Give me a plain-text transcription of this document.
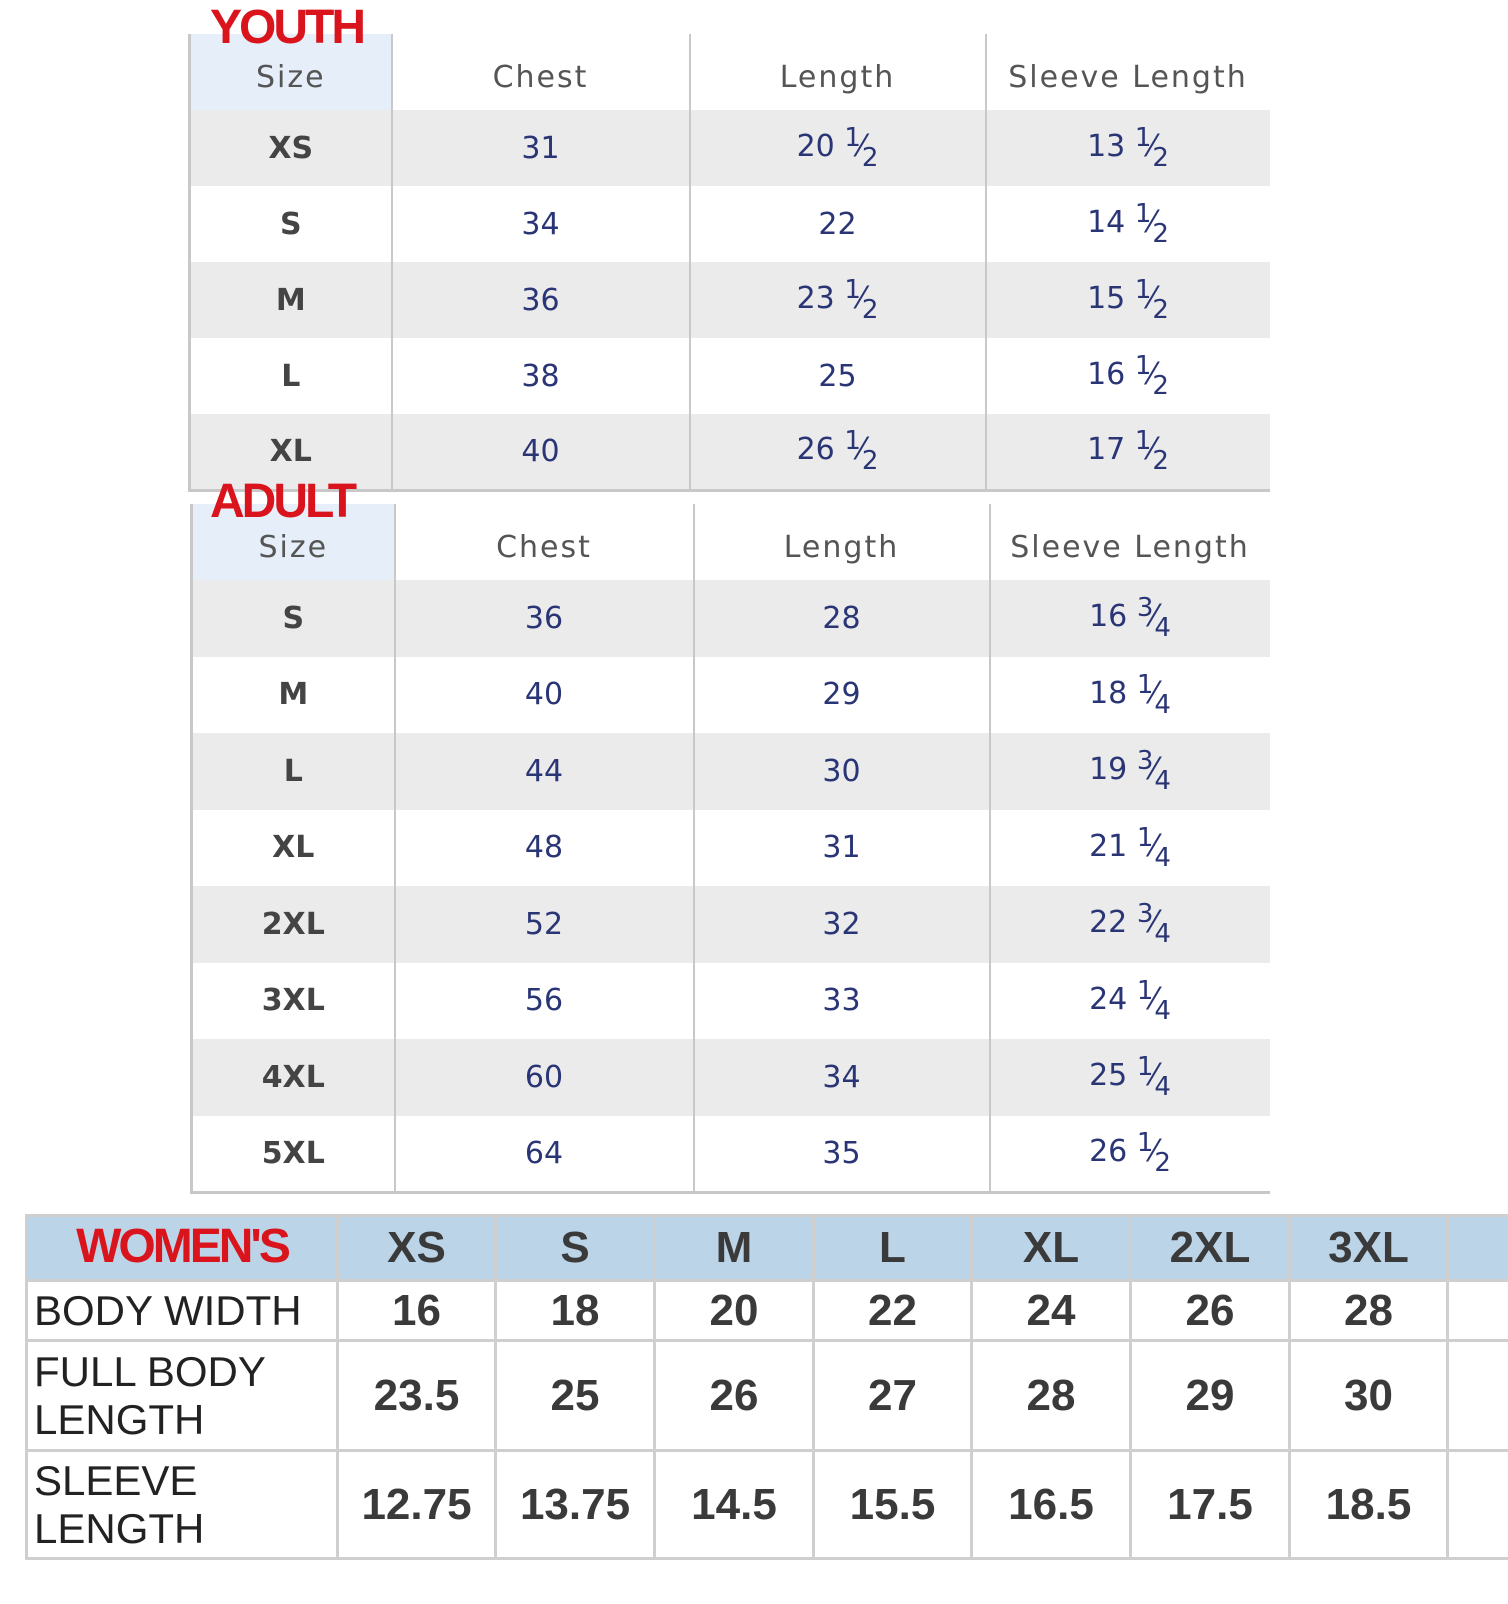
YOUTH
Size	Chest	Length	Sleeve Length
XS	31	20 $^1⁄_2$	13 $^1⁄_2$
S	34	22	14 $^1⁄_2$
M	36	23 $^1⁄_2$	15 $^1⁄_2$
L	38	25	16 $^1⁄_2$
XL	40	26 $^1⁄_2$	17 $^1⁄_2$
ADULT
Size	Chest	Length	Sleeve Length
S	36	28	16 $^3⁄_4$
M	40	29	18 $^1⁄_4$
L	44	30	19 $^3⁄_4$
XL	48	31	21 $^1⁄_4$
2XL	52	32	22 $^3⁄_4$
3XL	56	33	24 $^1⁄_4$
4XL	60	34	25 $^1⁄_4$
5XL	64	35	26 $^1⁄_2$
WOMEN'S	XS	S	M	L	XL	2XL	3XL	
BODY WIDTH	16	18	20	22	24	26	28	
FULL BODY
LENGTH	23.5	25	26	27	28	29	30	
SLEEVE
LENGTH	12.75	13.75	14.5	15.5	16.5	17.5	18.5	
